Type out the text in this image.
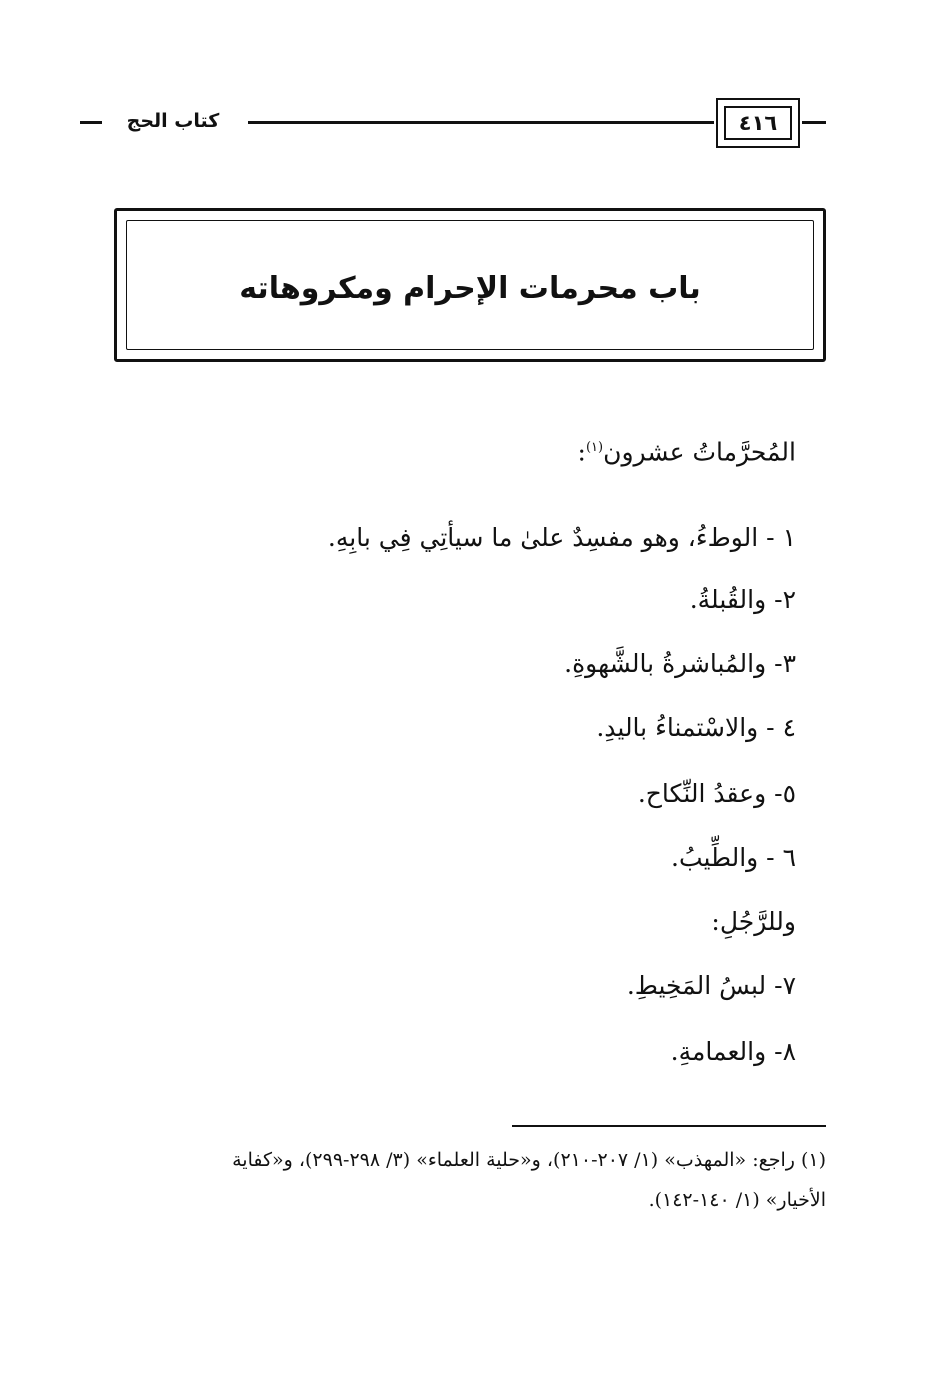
٤١٦
كتاب الحج
باب محرمات الإحرام ومكروهاته
المُحرَّماتُ عشرون$^{(١)}$:
١ - الوطءُ، وهو مفسِدٌ علىٰ ما سيأتِي فِي بابِهِ.
٢- والقُبلةُ.
٣- والمُباشرةُ بالشَّهوةِ.
٤ - والاسْتمناءُ باليدِ.
٥- وعقدُ النِّكاح.
٦ - والطِّيبُ.
وللرَّجُلِ:
٧- لبسُ المَخِيطِ.
٨- والعمامةِ.
(١) راجع: «المهذب» (١/ ٢٠٧-٢١٠)، و«حلية العلماء» (٣/ ٢٩٨-٢٩٩)، و«كفاية
الأخيار» (١/ ١٤٠-١٤٢).
